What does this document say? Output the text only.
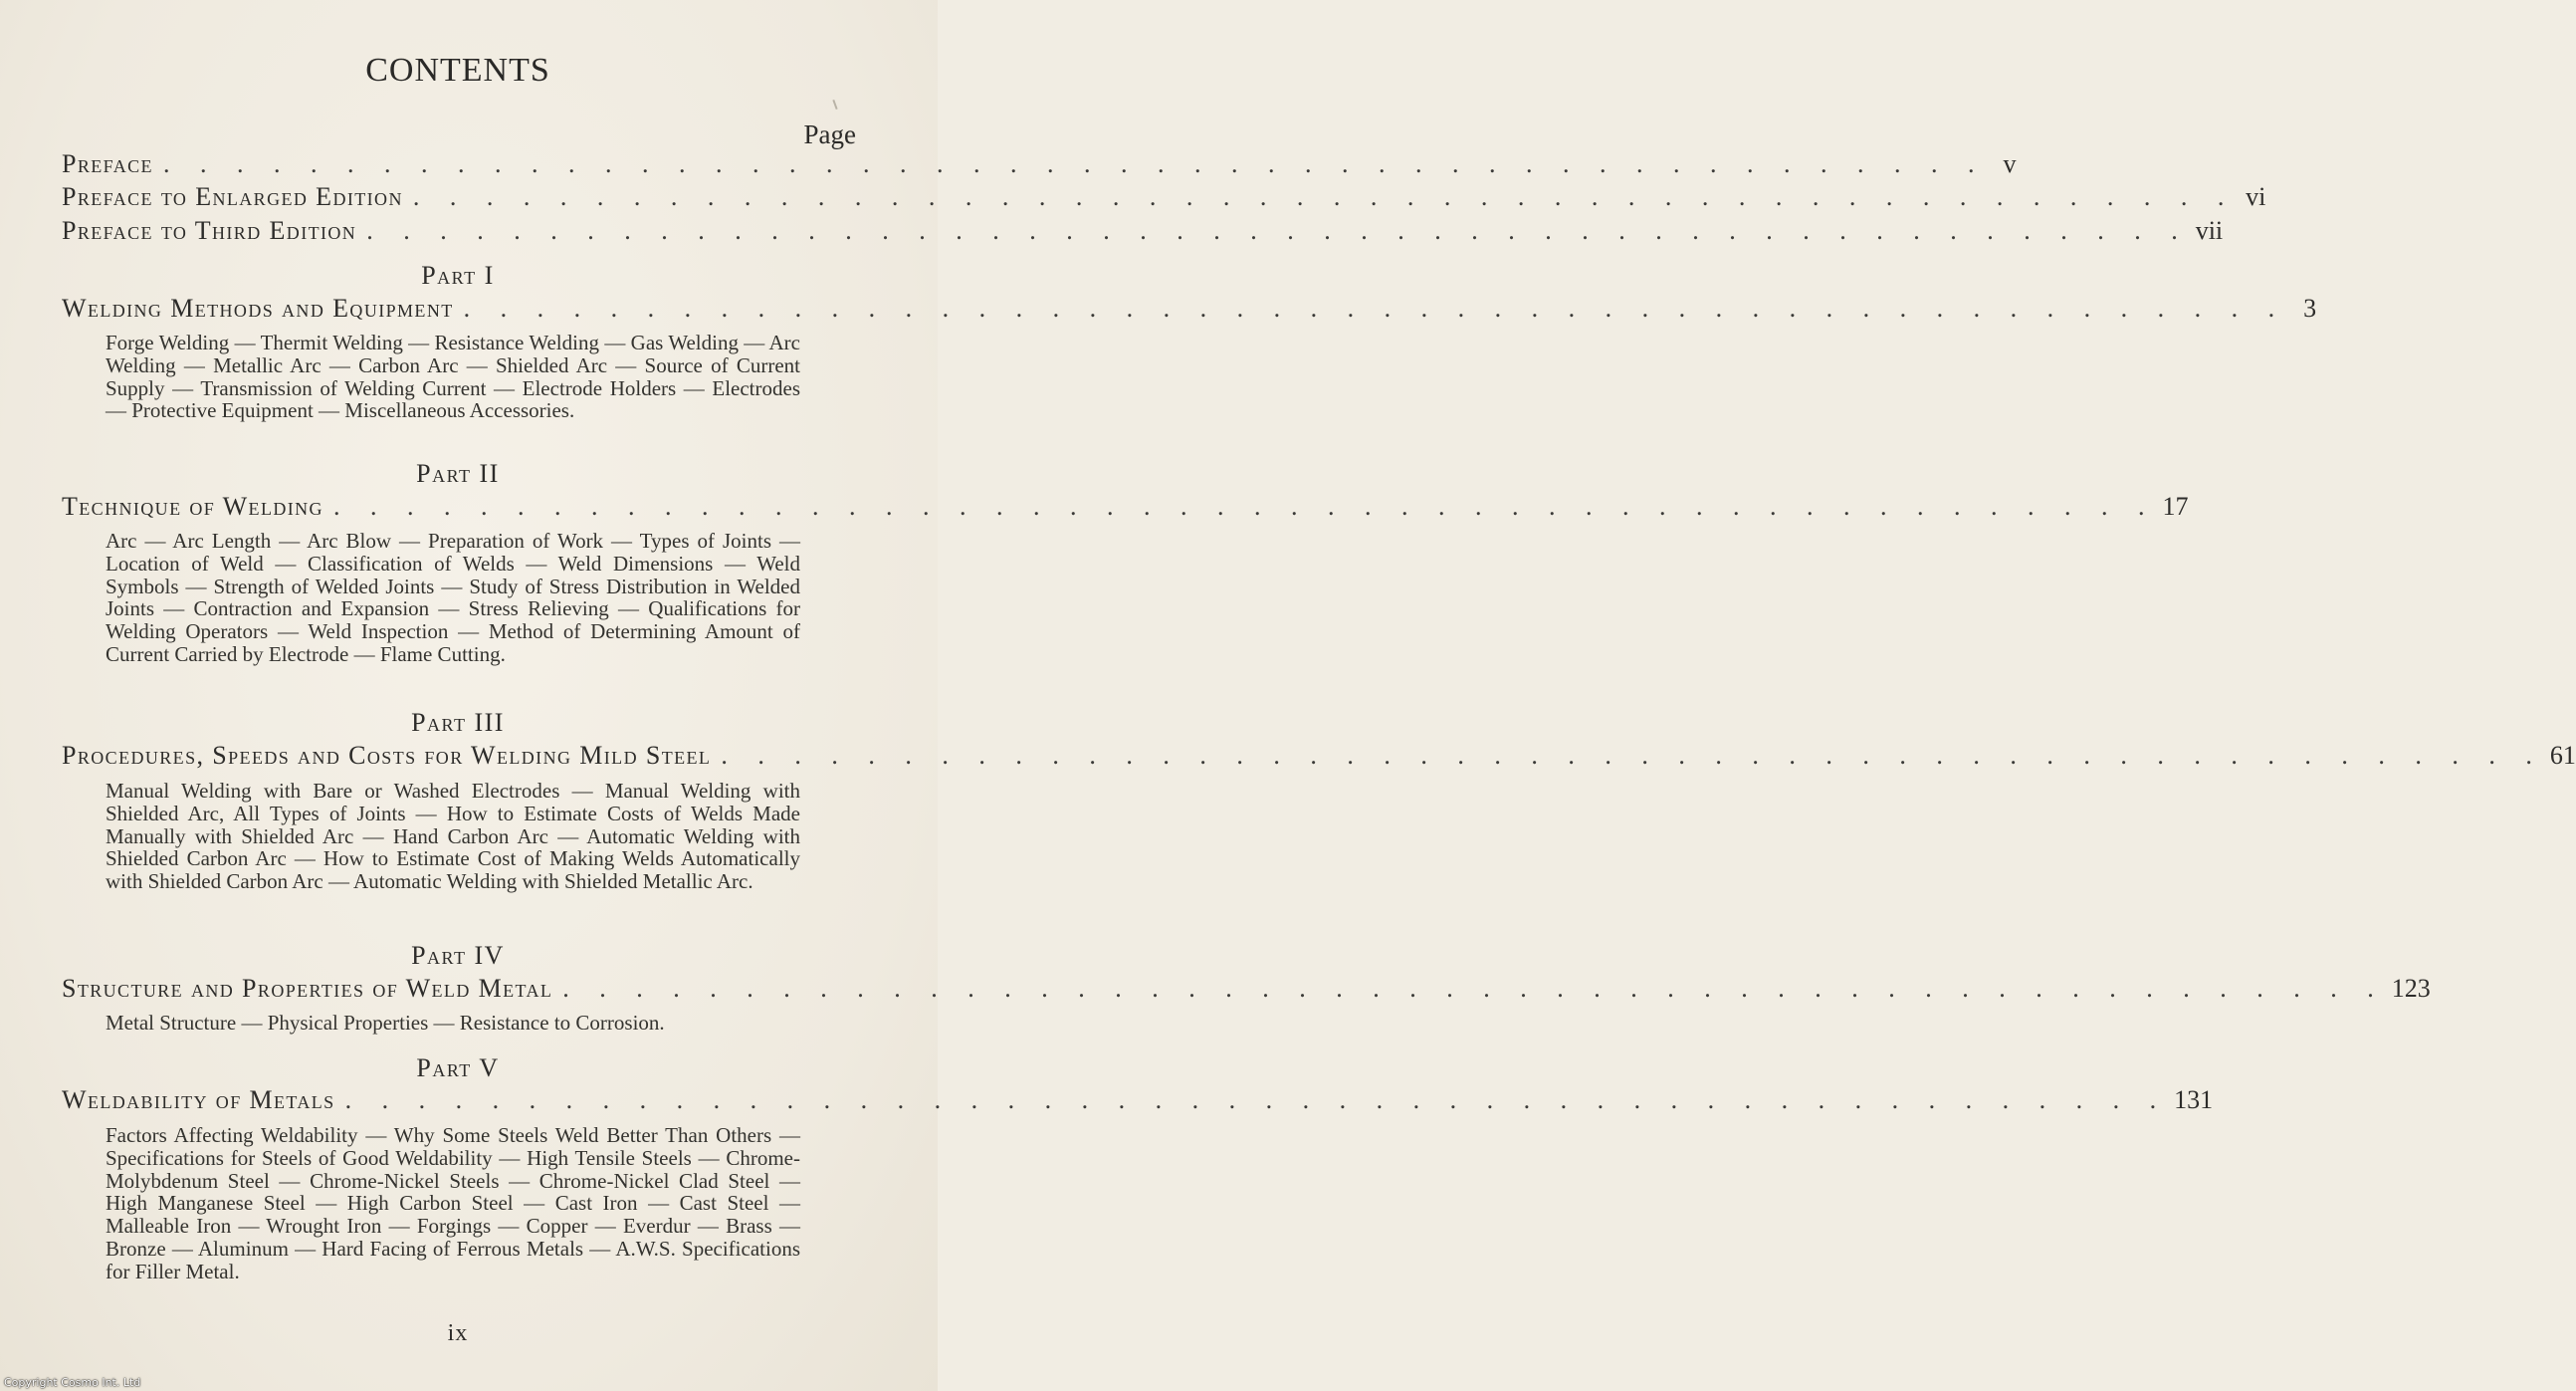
CONTENTS
Page
Preface . . . . . . . . . . . . . . . . . . . . . . . . . . . . . . . . . . . . . . . . . . . . . . . . . . v
Preface to Enlarged Edition . . . . . . . . . . . . . . . . . . . . . . . . . . . . . . . . . . . . . . . . . . . . . . . . . . vi
Preface to Third Edition . . . . . . . . . . . . . . . . . . . . . . . . . . . . . . . . . . . . . . . . . . . . . . . . . . vii
Part I
Welding Methods and Equipment . . . . . . . . . . . . . . . . . . . . . . . . . . . . . . . . . . . . . . . . . . . . . . . . . . 3
Forge Welding — Thermit Welding — Resistance Welding — Gas Welding — Arc Welding — Metallic Arc — Carbon Arc — Shielded Arc — Source of Current Supply — Transmission of Welding Current — Electrode Holders — Electrodes — Protective Equipment — Miscellaneous Accessories.
Part II
Technique of Welding . . . . . . . . . . . . . . . . . . . . . . . . . . . . . . . . . . . . . . . . . . . . . . . . . . 17
Arc — Arc Length — Arc Blow — Preparation of Work — Types of Joints — Location of Weld — Classification of Welds — Weld Dimensions — Weld Symbols — Strength of Welded Joints — Study of Stress Distribution in Welded Joints — Contraction and Expansion — Stress Relieving — Qualifications for Welding Operators — Weld Inspection — Method of Determining Amount of Current Carried by Electrode — Flame Cutting.
Part III
Procedures, Speeds and Costs for Welding Mild Steel . . . . . . . . . . . . . . . . . . . . . . . . . . . . . . . . . . . . . . . . . . . . . . . . . . 61
Manual Welding with Bare or Washed Electrodes — Manual Welding with Shielded Arc, All Types of Joints — How to Estimate Costs of Welds Made Manually with Shielded Arc — Hand Carbon Arc — Automatic Welding with Shielded Carbon Arc — How to Estimate Cost of Making Welds Automatically with Shielded Carbon Arc — Automatic Welding with Shielded Metallic Arc.
Part IV
Structure and Properties of Weld Metal . . . . . . . . . . . . . . . . . . . . . . . . . . . . . . . . . . . . . . . . . . . . . . . . . . 123
Metal Structure — Physical Properties — Resistance to Corrosion.
Part V
Weldability of Metals . . . . . . . . . . . . . . . . . . . . . . . . . . . . . . . . . . . . . . . . . . . . . . . . . . 131
Factors Affecting Weldability — Why Some Steels Weld Better Than Others — Specifications for Steels of Good Weldability — High Tensile Steels — Chrome-Molybdenum Steel — Chrome-Nickel Steels — Chrome-Nickel Clad Steel — High Manganese Steel — High Carbon Steel — Cast Iron — Cast Steel — Malleable Iron — Wrought Iron — Forgings — Copper — Everdur — Brass — Bronze — Aluminum — Hard Facing of Ferrous Metals — A.W.S. Specifications for Filler Metal.
ix
Copyright Cosmo Int. Ltd
